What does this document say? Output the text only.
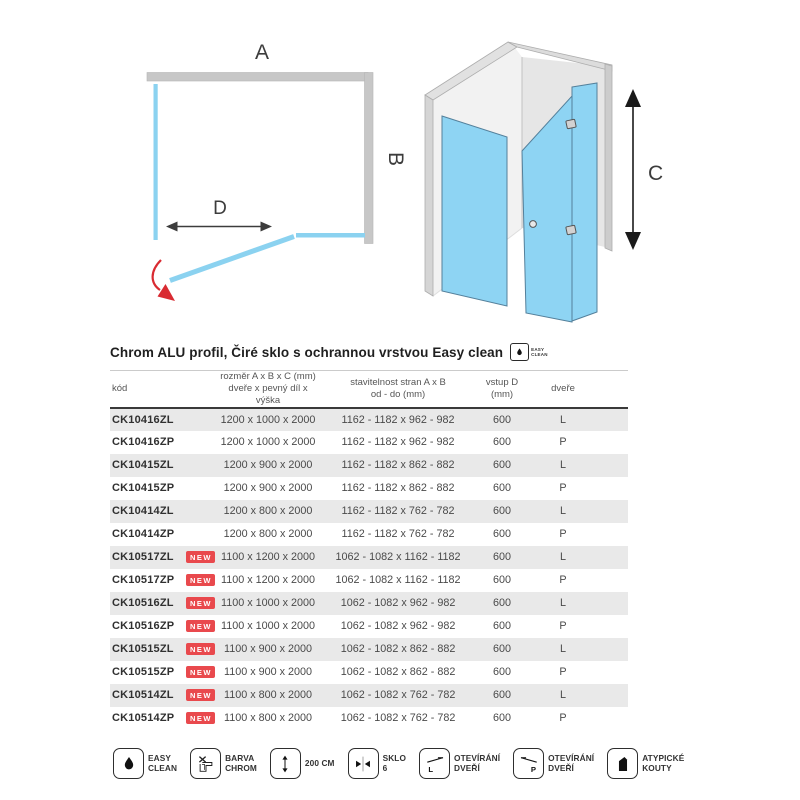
A
B
D
C
Chrom ALU profil, Čiré sklo s ochrannou vrstvou Easy clean	EASY
CLEAN
kód		rozměr A x B x C (mm)
dveře x pevný díl x výška	stavitelnost stran A x B
od - do (mm)	vstup D
(mm)	dveře
CK10416ZL		1200 x 1000 x 2000	1162 - 1182 x 962 - 982	600	L
CK10416ZP		1200 x 1000 x 2000	1162 - 1182 x 962 - 982	600	P
CK10415ZL		1200 x 900 x 2000	1162 - 1182 x 862 - 882	600	L
CK10415ZP		1200 x 900 x 2000	1162 - 1182 x 862 - 882	600	P
CK10414ZL		1200 x 800 x 2000	1162 - 1182 x 762 - 782	600	L
CK10414ZP		1200 x 800 x 2000	1162 - 1182 x 762 - 782	600	P
CK10517ZL	NEW	1100 x 1200 x 2000	1062 - 1082 x 1162 - 1182	600	L
CK10517ZP	NEW	1100 x 1200 x 2000	1062 - 1082 x 1162 - 1182	600	P
CK10516ZL	NEW	1100 x 1000 x 2000	1062 - 1082 x 962 - 982	600	L
CK10516ZP	NEW	1100 x 1000 x 2000	1062 - 1082 x 962 - 982	600	P
CK10515ZL	NEW	1100 x 900 x 2000	1062 - 1082 x 862 - 882	600	L
CK10515ZP	NEW	1100 x 900 x 2000	1062 - 1082 x 862 - 882	600	P
CK10514ZL	NEW	1100 x 800 x 2000	1062 - 1082 x 762 - 782	600	L
CK10514ZP	NEW	1100 x 800 x 2000	1062 - 1082 x 762 - 782	600	P
EASY
CLEAN
BARVA
CHROM	200 CM	SKLO
6	L
OTEVÍRÁNÍ
DVEŘÍ	P
OTEVÍRÁNÍ
DVEŘÍ
ATYPICKÉ
KOUTY
